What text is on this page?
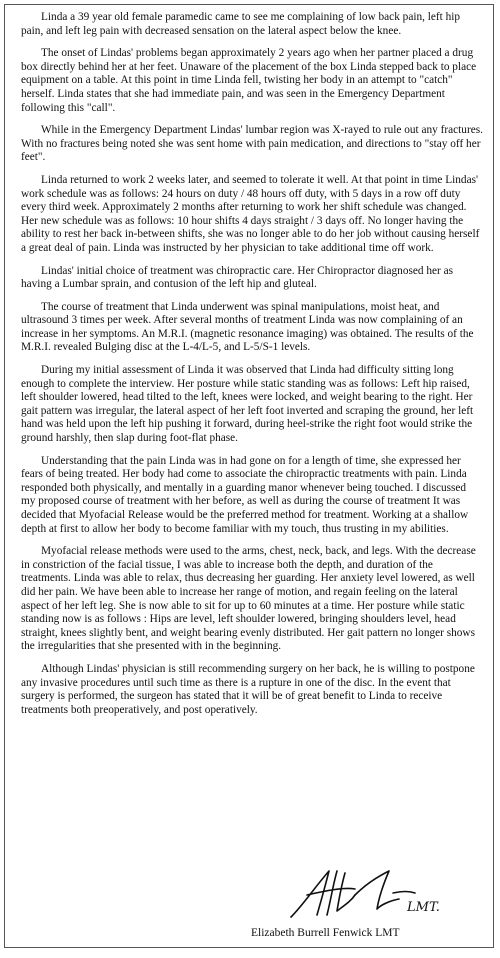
Linda a 39 year old female paramedic came to see me complaining of low back pain, left hip pain, and left leg pain with decreased sensation on the lateral aspect below the knee.

The onset of Lindas' problems began approximately 2 years ago when her partner placed a drug box directly behind her at her feet. Unaware of the placement of the box Linda stepped back to place equipment on a table. At this point in time Linda fell, twisting her body in an attempt to "catch" herself. Linda states that she had immediate pain, and was seen in the Emergency Department following this "call".

While in the Emergency Department Lindas' lumbar region was X-rayed to rule out any fractures. With no fractures being noted she was sent home with pain medication, and directions to "stay off her feet".

Linda returned to work 2 weeks later, and seemed to tolerate it well. At that point in time Lindas' work schedule was as follows: 24 hours on duty / 48 hours off duty, with 5 days in a row off duty every third week. Approximately 2 months after returning to work her shift schedule was changed. Her new schedule was as follows: 10 hour shifts 4 days straight / 3 days off. No longer having the ability to rest her back in-between shifts, she was no longer able to do her job without causing herself a great deal of pain. Linda was instructed by her physician to take additional time off work.

Lindas' initial choice of treatment was chiropractic care. Her Chiropractor diagnosed her as having a Lumbar sprain, and contusion of the left hip and gluteal.

The course of treatment that Linda underwent was spinal manipulations, moist heat, and ultrasound 3 times per week. After several months of treatment Linda was now complaining of an increase in her symptoms. An M.R.I. (magnetic resonance imaging) was obtained. The results of the M.R.I. revealed Bulging disc at the L-4/L-5, and L-5/S-1 levels.

During my initial assessment of Linda it was observed that Linda had difficulty sitting long enough to complete the interview. Her posture while static standing was as follows: Left hip raised, left shoulder lowered, head tilted to the left, knees were locked, and weight bearing to the right. Her gait pattern was irregular, the lateral aspect of her left foot inverted and scraping the ground, her left hand was held upon the left hip pushing it forward, during heel-strike the right foot would strike the ground harshly, then slap during foot-flat phase.

Understanding that the pain Linda was in had gone on for a length of time, she expressed her fears of being treated. Her body had come to associate the chiropractic treatments with pain. Linda responded both physically, and mentally in a guarding manor whenever being touched. I discussed my proposed course of treatment with her before, as well as during the course of treatment It was decided that Myofacial Release would be the preferred method for treatment. Working at a shallow depth at first to allow her body to become familiar with my touch, thus trusting in my abilities.

Myofacial release methods were used to the arms, chest, neck, back, and legs. With the decrease in constriction of the facial tissue, I was able to increase both the depth, and duration of the treatments. Linda was able to relax, thus decreasing her guarding. Her anxiety level lowered, as well did her pain. We have been able to increase her range of motion, and regain feeling on the lateral aspect of her left leg. She is now able to sit for up to 60 minutes at a time. Her posture while static standing now is as follows : Hips are level, left shoulder lowered, bringing shoulders level, head straight, knees slightly bent, and weight bearing evenly distributed. Her gait pattern no longer shows the irregularities that she presented with in the beginning.

Although Lindas' physician is still recommending surgery on her back, he is willing to postpone any invasive procedures until such time as there is a rupture in one of the disc. In the event that surgery is performed, the surgeon has stated that it will be of great benefit to Linda to receive treatments both preoperatively, and post operatively.

LMT.
Elizabeth Burrell Fenwick LMT
